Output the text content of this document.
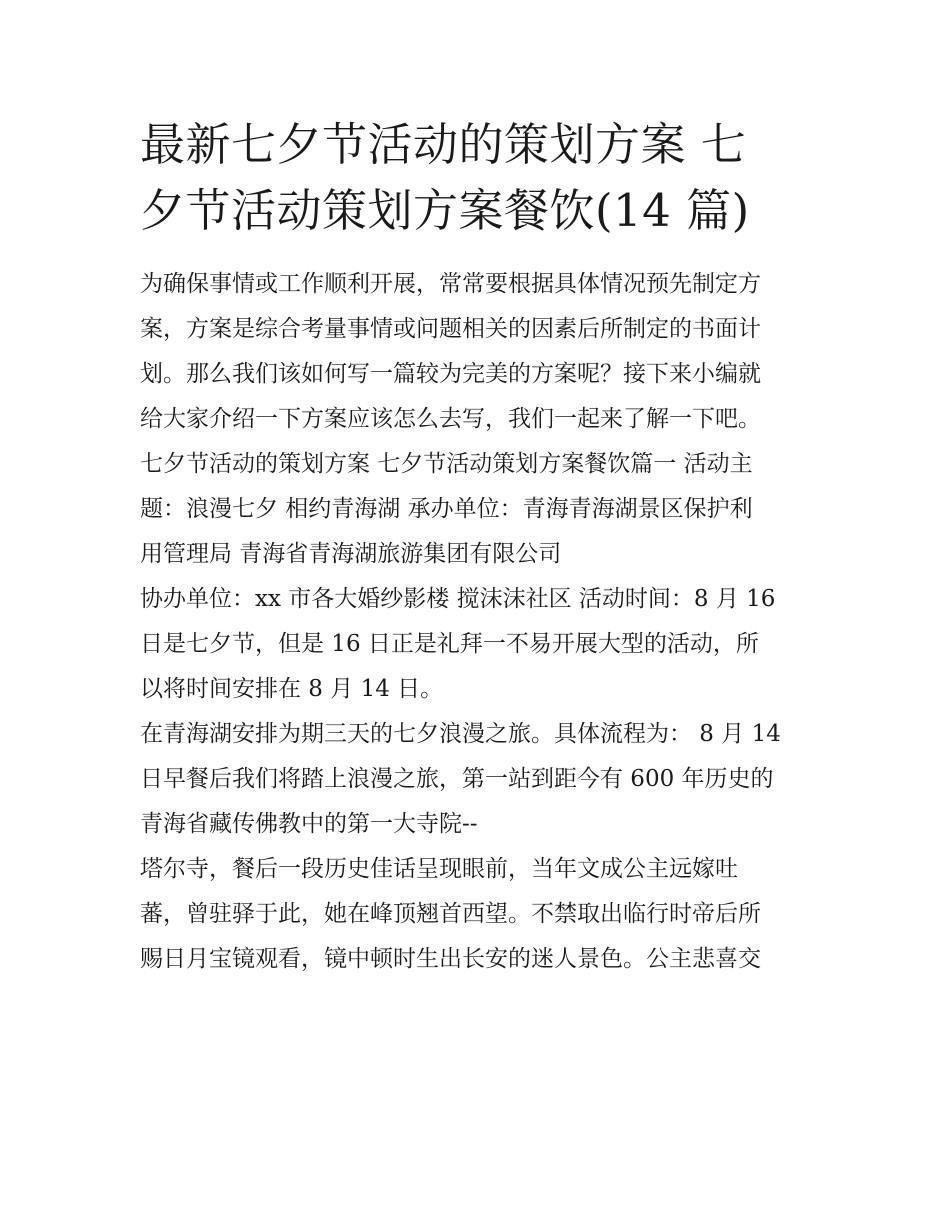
最新七夕节活动的策划方案 七
夕节活动策划方案餐饮(14 篇)

为确保事情或工作顺利开展，常常要根据具体情况预先制定方
案，方案是综合考量事情或问题相关的因素后所制定的书面计
划。那么我们该如何写一篇较为完美的方案呢？接下来小编就
给大家介绍一下方案应该怎么去写，我们一起来了解一下吧。

七夕节活动的策划方案 七夕节活动策划方案餐饮篇一 活动主
题：浪漫七夕 相约青海湖 承办单位：青海青海湖景区保护利
用管理局 青海省青海湖旅游集团有限公司

协办单位：xx 市各大婚纱影楼 搅沫沫社区 活动时间：8 月 16
日是七夕节，但是 16 日正是礼拜一不易开展大型的活动，所
以将时间安排在 8 月 14 日。

在青海湖安排为期三天的七夕浪漫之旅。具体流程为： 8 月 14
日早餐后我们将踏上浪漫之旅，第一站到距今有 600 年历史的
青海省藏传佛教中的第一大寺院--

塔尔寺，餐后一段历史佳话呈现眼前，当年文成公主远嫁吐
蕃，曾驻驿于此，她在峰顶翘首西望。不禁取出临行时帝后所
赐日月宝镜观看，镜中顿时生出长安的迷人景色。公主悲喜交
